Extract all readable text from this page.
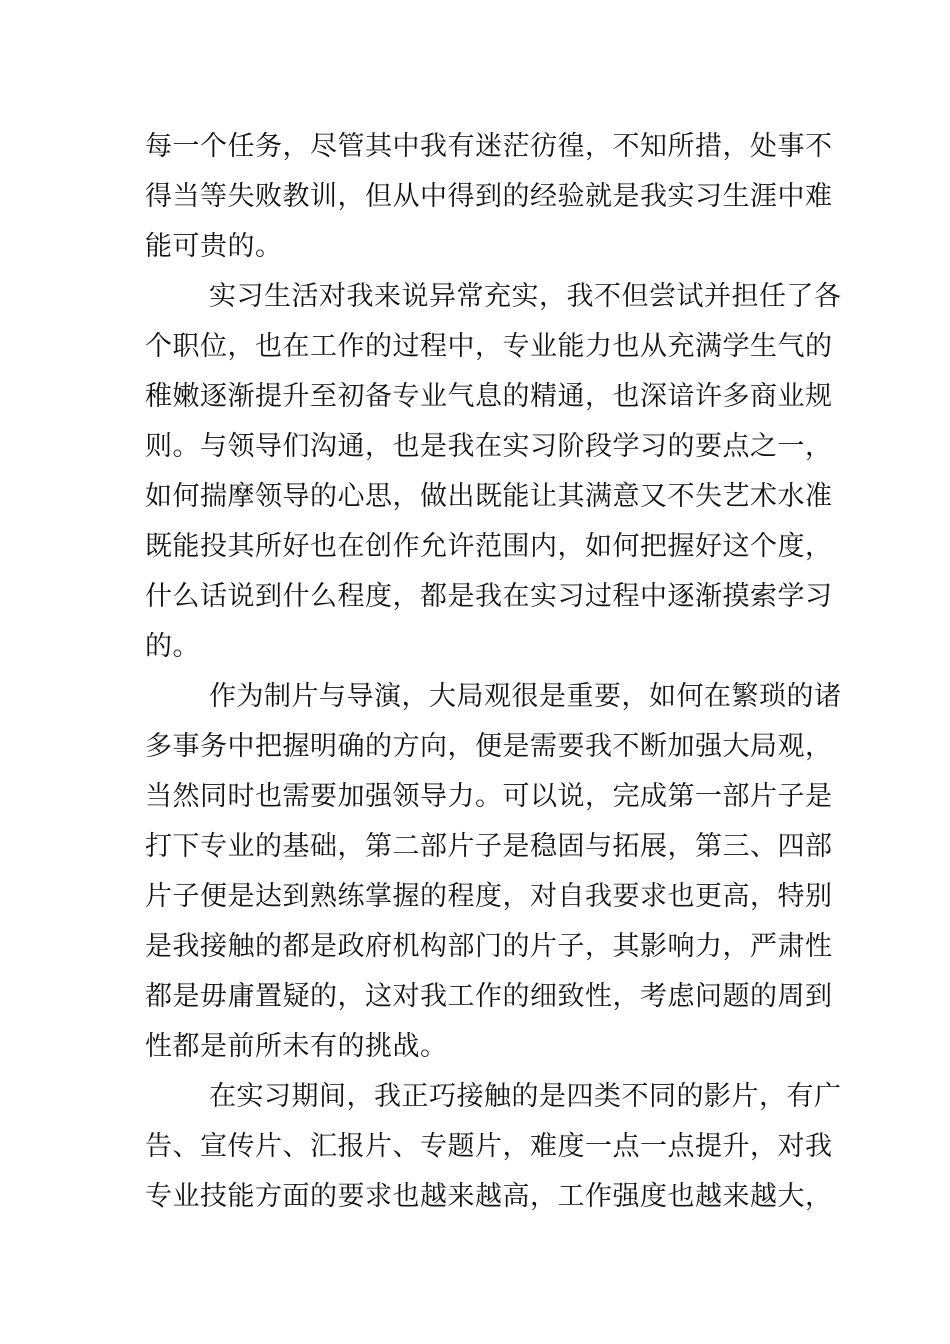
每一个任务，尽管其中我有迷茫彷徨，不知所措，处事不
得当等失败教训，但从中得到的经验就是我实习生涯中难
能可贵的。
实习生活对我来说异常充实，我不但尝试并担任了各
个职位，也在工作的过程中，专业能力也从充满学生气的
稚嫩逐渐提升至初备专业气息的精通，也深谙许多商业规
则。与领导们沟通，也是我在实习阶段学习的要点之一，
如何揣摩领导的心思，做出既能让其满意又不失艺术水准
既能投其所好也在创作允许范围内，如何把握好这个度，
什么话说到什么程度，都是我在实习过程中逐渐摸索学习
的。
作为制片与导演，大局观很是重要，如何在繁琐的诸
多事务中把握明确的方向，便是需要我不断加强大局观，
当然同时也需要加强领导力。可以说，完成第一部片子是
打下专业的基础，第二部片子是稳固与拓展，第三、四部
片子便是达到熟练掌握的程度，对自我要求也更高，特别
是我接触的都是政府机构部门的片子，其影响力，严肃性
都是毋庸置疑的，这对我工作的细致性，考虑问题的周到
性都是前所未有的挑战。
在实习期间，我正巧接触的是四类不同的影片，有广
告、宣传片、汇报片、专题片，难度一点一点提升，对我
专业技能方面的要求也越来越高，工作强度也越来越大，
